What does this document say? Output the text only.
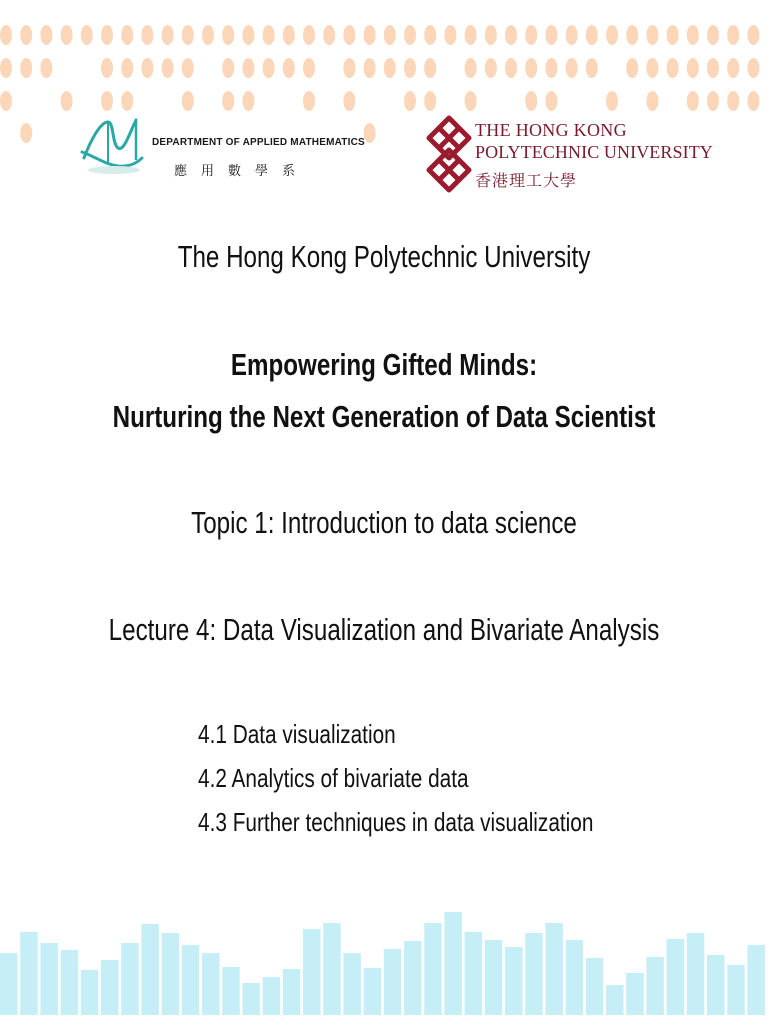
DEPARTMENT OF APPLIED MATHEMATICS
應用數學系
THE HONG KONG
POLYTECHNIC UNIVERSITY
香港理工大學
The Hong Kong Polytechnic University
Empowering Gifted Minds:
Nurturing the Next Generation of Data Scientist
Topic 1: Introduction to data science
Lecture 4: Data Visualization and Bivariate Analysis
4.1 Data visualization
4.2 Analytics of bivariate data
4.3 Further techniques in data visualization
